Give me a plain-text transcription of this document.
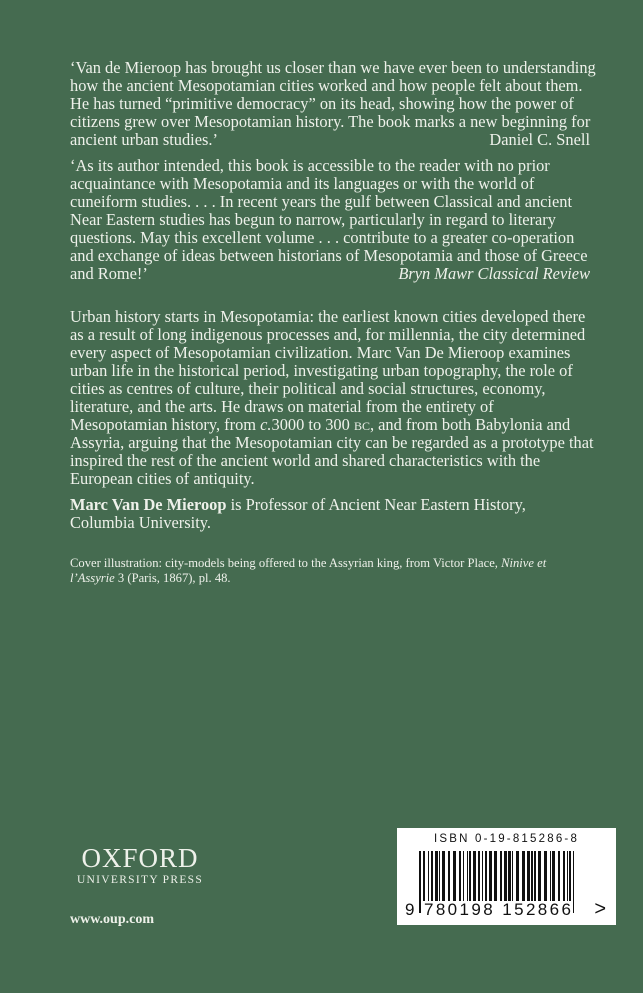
‘Van de Mieroop has brought us closer than we have ever been to understanding
how the ancient Mesopotamian cities worked and how people felt about them.
He has turned “primitive democracy” on its head, showing how the power of
citizens grew over Mesopotamian history. The book marks a new beginning for
ancient urban studies.’	Daniel C. Snell
‘As its author intended, this book is accessible to the reader with no prior
acquaintance with Mesopotamia and its languages or with the world of
cuneiform studies. . . . In recent years the gulf between Classical and ancient
Near Eastern studies has begun to narrow, particularly in regard to literary
questions. May this excellent volume . . . contribute to a greater co-operation
and exchange of ideas between historians of Mesopotamia and those of Greece
and Rome!’	Bryn Mawr Classical Review
Urban history starts in Mesopotamia: the earliest known cities developed there
as a result of long indigenous processes and, for millennia, the city determined
every aspect of Mesopotamian civilization. Marc Van De Mieroop examines
urban life in the historical period, investigating urban topography, the role of
cities as centres of culture, their political and social structures, economy,
literature, and the arts. He draws on material from the entirety of
Mesopotamian history, from c.3000 to 300 BC, and from both Babylonia and
Assyria, arguing that the Mesopotamian city can be regarded as a prototype that
inspired the rest of the ancient world and shared characteristics with the
European cities of antiquity.
Marc Van De Mieroop is Professor of Ancient Near Eastern History,
Columbia University.
Cover illustration: city-models being offered to the Assyrian king, from Victor Place, Ninive et
l’Assyrie 3 (Paris, 1867), pl. 48.
OXFORD
UNIVERSITY PRESS
www.oup.com
ISBN 0-19-815286-8
9 780198 152866 >
